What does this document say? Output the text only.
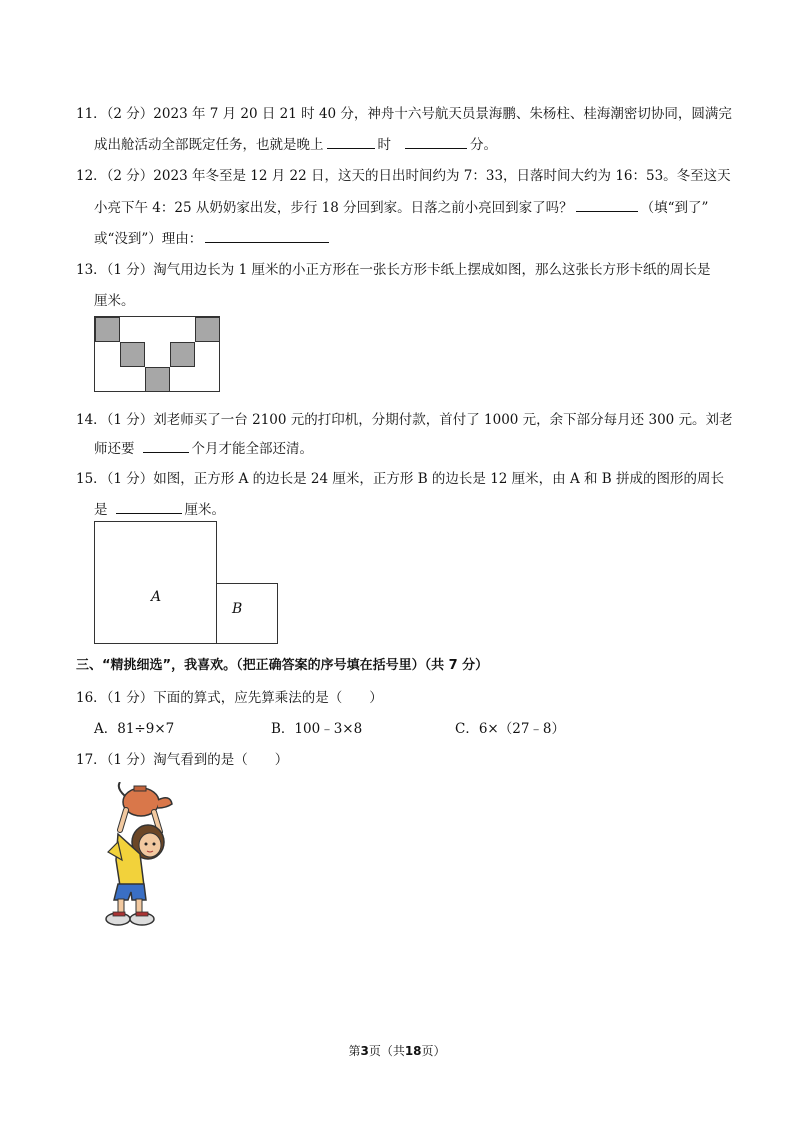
11．（2 分）2023 年 7 月 20 日 21 时 40 分，神舟十六号航天员景海鹏、朱杨柱、桂海潮密切协同，圆满完
成出舱活动全部既定任务，也就是晚上	时	分。
12．（2 分）2023 年冬至是 12 月 22 日，这天的日出时间约为 7：33，日落时间大约为 16：53。冬至这天
小亮下午 4：25 从奶奶家出发，步行 18 分回到家。日落之前小亮回到家了吗？	（填“到了”
或“没到”）理由：
13．（1 分）淘气用边长为 1 厘米的小正方形在一张长方形卡纸上摆成如图，那么这张长方形卡纸的周长是
厘米。
14．（1 分）刘老师买了一台 2100 元的打印机，分期付款，首付了 1000 元，余下部分每月还 300 元。刘老
师还要	个月才能全部还清。
15．（1 分）如图，正方形 A 的边长是 24 厘米，正方形 B 的边长是 12 厘米，由 A 和 B 拼成的图形的周长
是	厘米。
A
B
三、“精挑细选”，我喜欢。（把正确答案的序号填在括号里）（共 7 分）
16．（1 分）下面的算式，应先算乘法的是（　　）
A．81÷9×7	B．100﹣3×8	C．6×（27﹣8）
17．（1 分）淘气看到的是（　　）
第3页（共18页）
